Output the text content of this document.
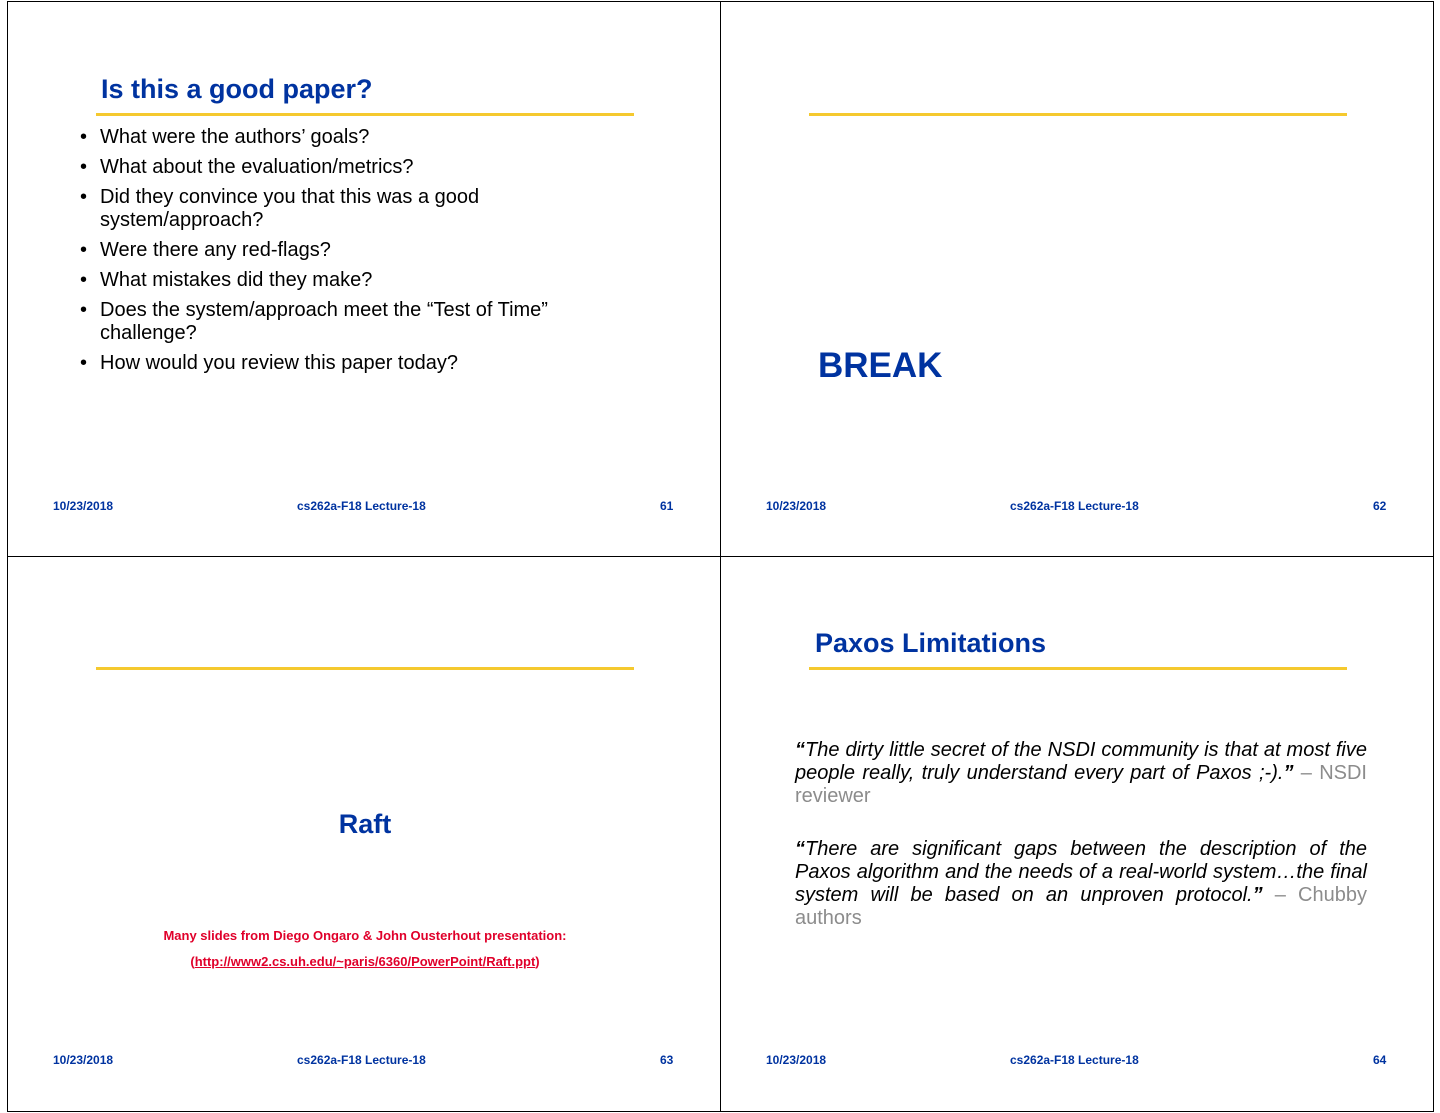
Is this a good paper?
• What were the authors’ goals?
• What about the evaluation/metrics?
• Did they convince you that this was a good system/approach?
• Were there any red-flags?
• What mistakes did they make?
• Does the system/approach meet the “Test of Time” challenge?
• How would you review this paper today?
10/23/2018	cs262a-F18 Lecture-18	61
BREAK
10/23/2018	cs262a-F18 Lecture-18	62
Raft
Many slides from Diego Ongaro & John Ousterhout presentation:
(http://www2.cs.uh.edu/~paris/6360/PowerPoint/Raft.ppt)
10/23/2018	cs262a-F18 Lecture-18	63
Paxos Limitations
“The dirty little secret of the NSDI community is that at most five people really, truly understand every part of Paxos ;-).” – NSDI reviewer
“There are significant gaps between the description of the Paxos algorithm and the needs of a real-world system…the final system will be based on an unproven protocol.” – Chubby authors
10/23/2018	cs262a-F18 Lecture-18	64
